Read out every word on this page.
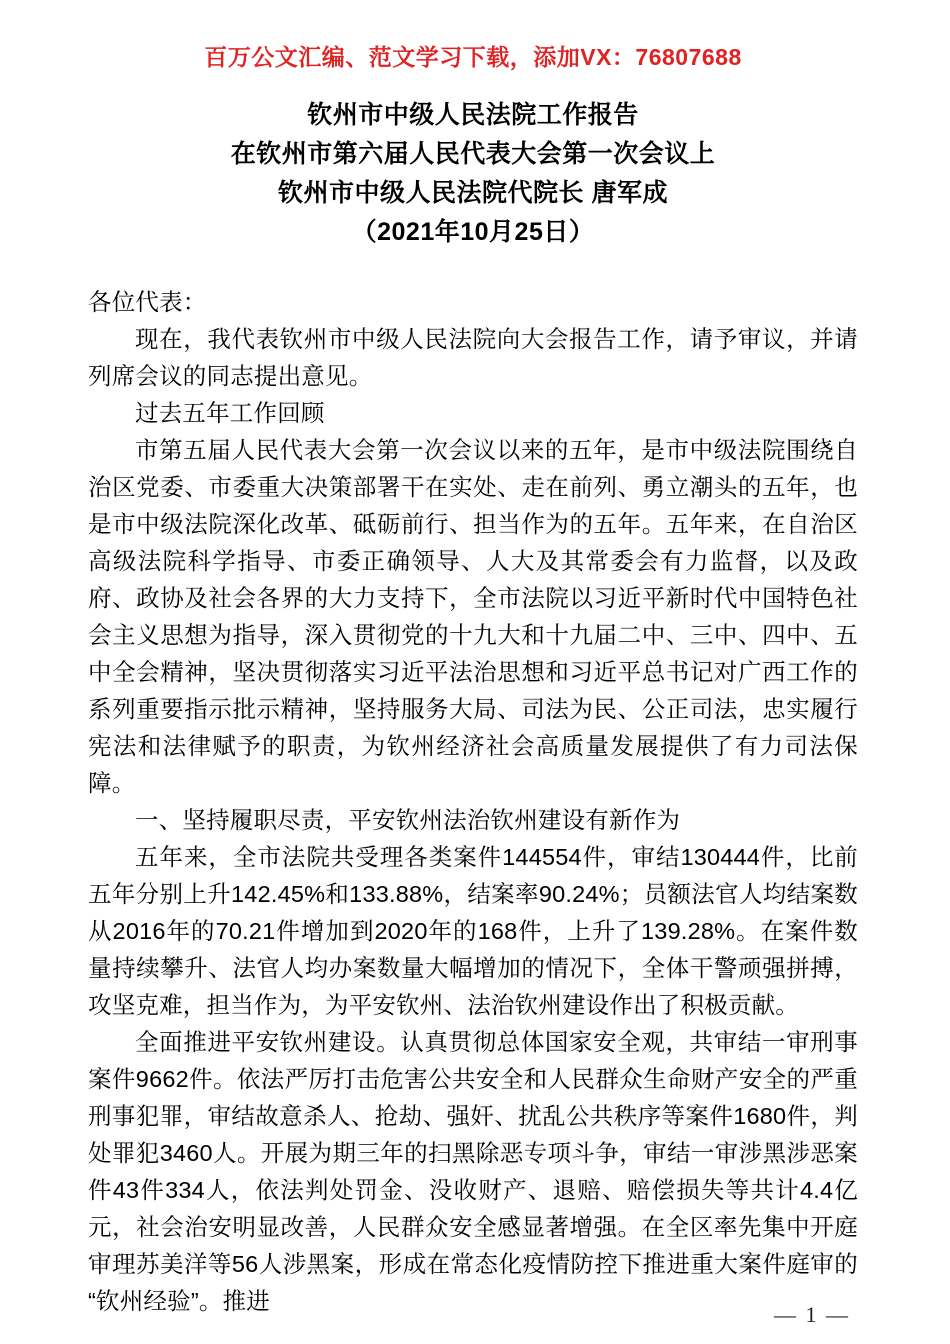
百万公文汇编、范文学习下载，添加VX：76807688
钦州市中级人民法院工作报告
在钦州市第六届人民代表大会第一次会议上
钦州市中级人民法院代院长 唐军成
（2021年10月25日）

各位代表：

现在，我代表钦州市中级人民法院向大会报告工作，请予审议，并请列席会议的同志提出意见。

过去五年工作回顾

市第五届人民代表大会第一次会议以来的五年，是市中级法院围绕自治区党委、市委重大决策部署干在实处、走在前列、勇立潮头的五年，也是市中级法院深化改革、砥砺前行、担当作为的五年。五年来，在自治区高级法院科学指导、市委正确领导、人大及其常委会有力监督，以及政府、政协及社会各界的大力支持下，全市法院以习近平新时代中国特色社会主义思想为指导，深入贯彻党的十九大和十九届二中、三中、四中、五中全会精神，坚决贯彻落实习近平法治思想和习近平总书记对广西工作的系列重要指示批示精神，坚持服务大局、司法为民、公正司法，忠实履行宪法和法律赋予的职责，为钦州经济社会高质量发展提供了有力司法保障。

一、坚持履职尽责，平安钦州法治钦州建设有新作为

五年来，全市法院共受理各类案件144554件，审结130444件，比前五年分别上升142.45%和133.88%，结案率90.24%；员额法官人均结案数从2016年的70.21件增加到2020年的168件，上升了139.28%。在案件数量持续攀升、法官人均办案数量大幅增加的情况下，全体干警顽强拼搏，攻坚克难，担当作为，为平安钦州、法治钦州建设作出了积极贡献。

全面推进平安钦州建设。认真贯彻总体国家安全观，共审结一审刑事案件9662件。依法严厉打击危害公共安全和人民群众生命财产安全的严重刑事犯罪，审结故意杀人、抢劫、强奸、扰乱公共秩序等案件1680件，判处罪犯3460人。开展为期三年的扫黑除恶专项斗争，审结一审涉黑涉恶案件43件334人，依法判处罚金、没收财产、退赔、赔偿损失等共计4.4亿元，社会治安明显改善，人民群众安全感显著增强。在全区率先集中开庭审理苏美洋等56人涉黑案，形成在常态化疫情防控下推进重大案件庭审的“钦州经验”。推进

— 1 —
